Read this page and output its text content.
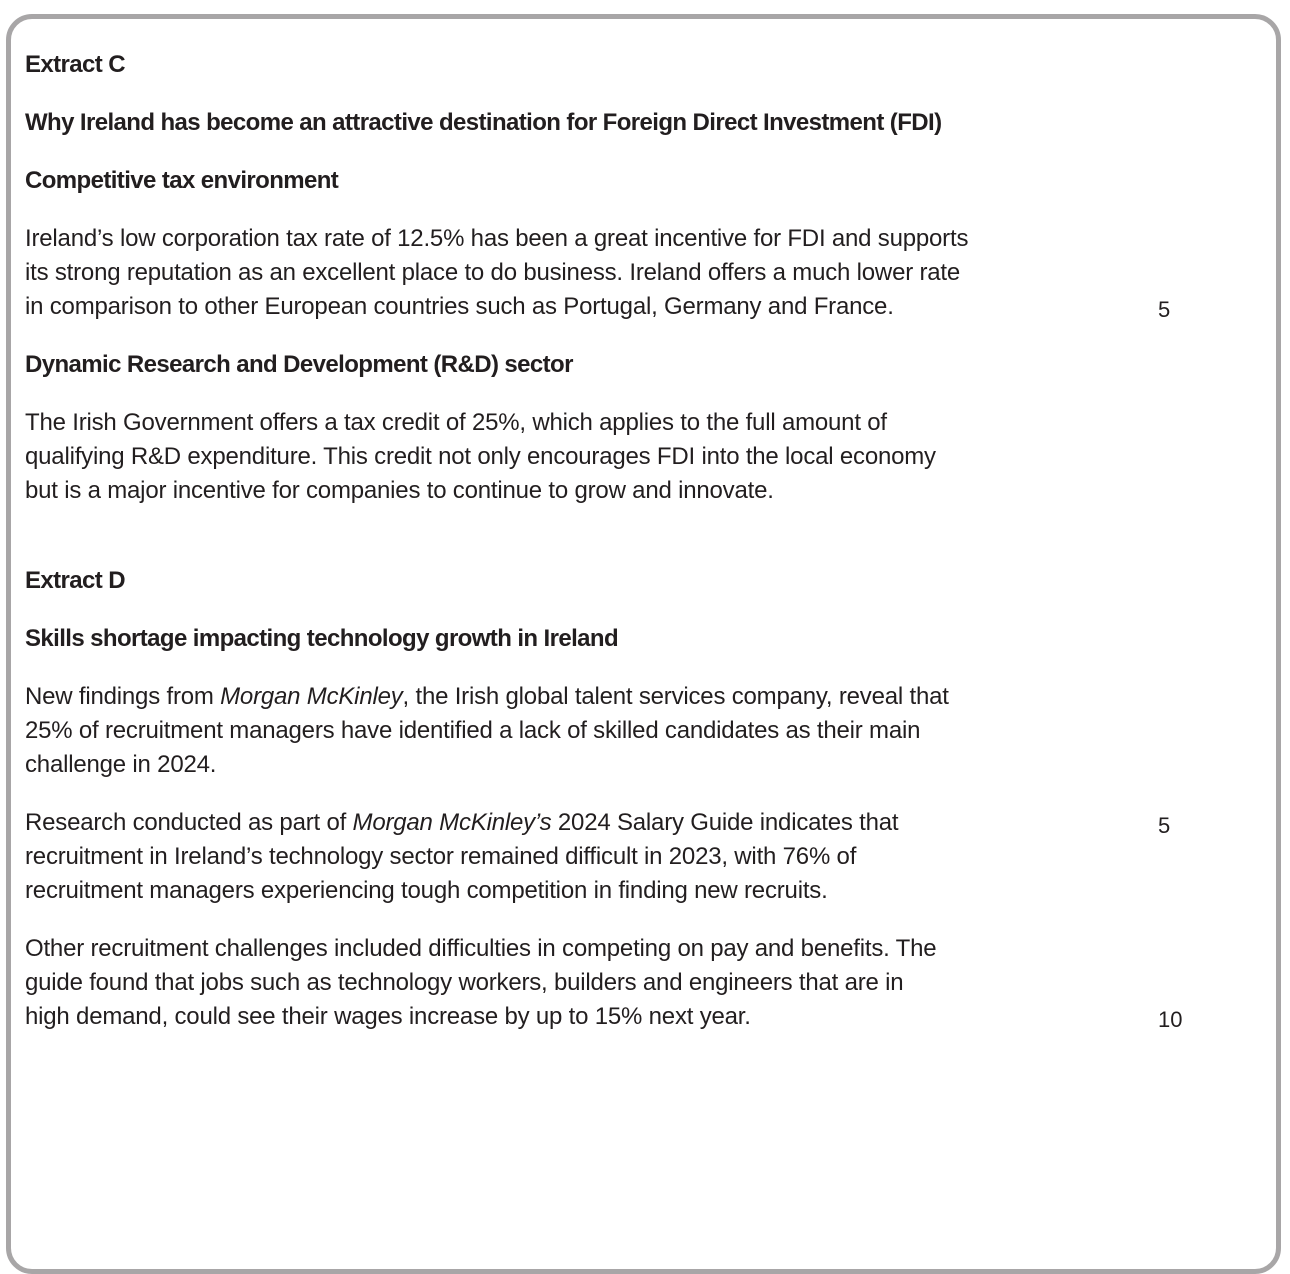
Extract C
Why Ireland has become an attractive destination for Foreign Direct Investment (FDI)
Competitive tax environment
Ireland’s low corporation tax rate of 12.5% has been a great incentive for FDI and supports
its strong reputation as an excellent place to do business. Ireland offers a much lower rate
in comparison to other European countries such as Portugal, Germany and France.	5
Dynamic Research and Development (R&D) sector
The Irish Government offers a tax credit of 25%, which applies to the full amount of
qualifying R&D expenditure. This credit not only encourages FDI into the local economy
but is a major incentive for companies to continue to grow and innovate.
Extract D
Skills shortage impacting technology growth in Ireland
New findings from Morgan McKinley, the Irish global talent services company, reveal that
25% of recruitment managers have identified a lack of skilled candidates as their main
challenge in 2024.
Research conducted as part of Morgan McKinley’s 2024 Salary Guide indicates that	5
recruitment in Ireland’s technology sector remained difficult in 2023, with 76% of
recruitment managers experiencing tough competition in finding new recruits.
Other recruitment challenges included difficulties in competing on pay and benefits. The
guide found that jobs such as technology workers, builders and engineers that are in
high demand, could see their wages increase by up to 15% next year.	10
